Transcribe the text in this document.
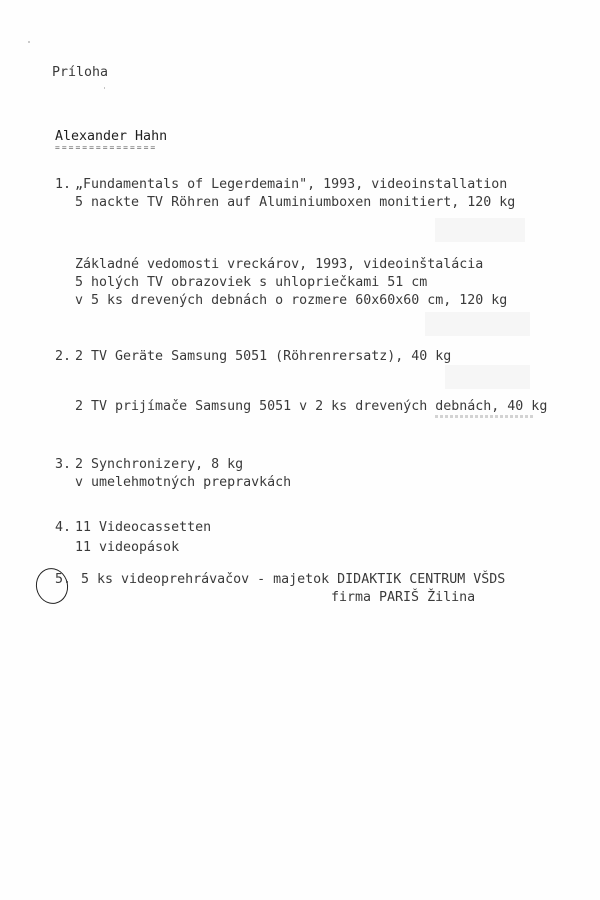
Príloha
Alexander Hahn
===============
1. „Fundamentals of Legerdemain", 1993, videoinstallation
5 nackte TV Röhren auf Aluminiumboxen monitiert, 120 kg
Základné vedomosti vreckárov, 1993, videoinštalácia
5 holých TV obrazoviek s uhlopriečkami 51 cm
v 5 ks drevených debnách o rozmere 60x60x60 cm, 120 kg
2. 2 TV Geräte Samsung 5051 (Röhrenrersatz), 40 kg
2 TV prijímače Samsung 5051 v 2 ks drevených debnách, 40 kg
3. 2 Synchronizery, 8 kg
v umelehmotných prepravkách
4. 11 Videocassetten
11 videopások
5. 5 ks videoprehrávačov - majetok DIDAKTIK CENTRUM VŠDS
firma PARIŠ Žilina
